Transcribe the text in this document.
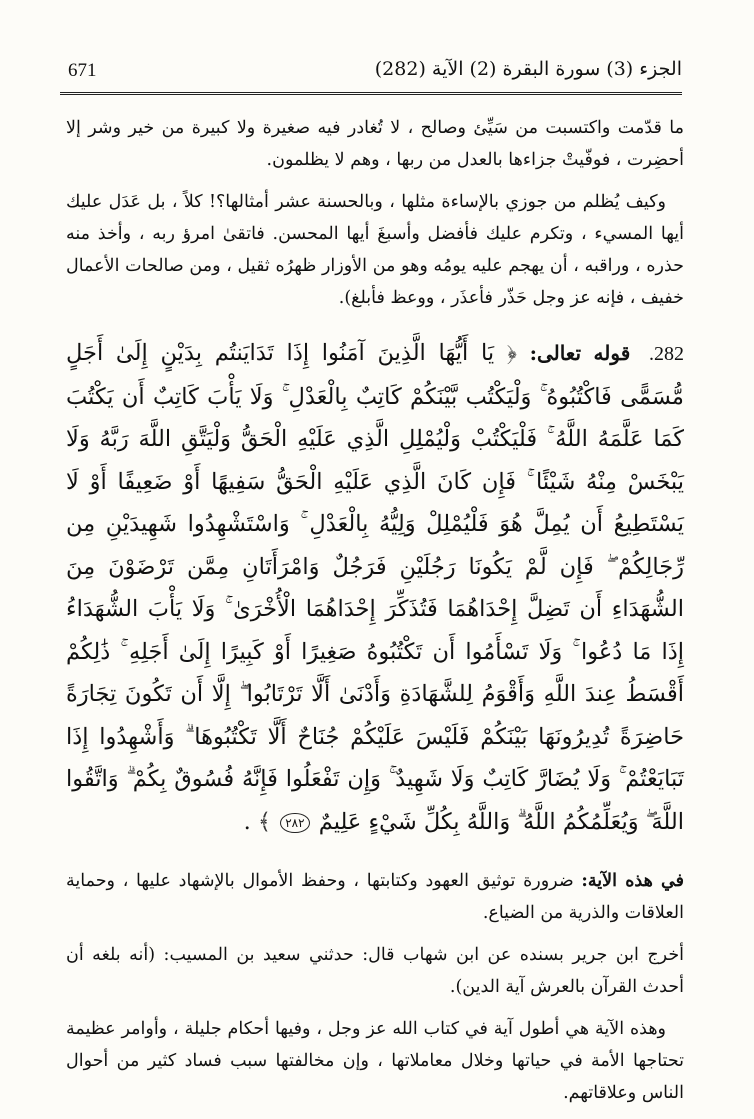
671	الجزء (3) سورة البقرة (2) الآية (282)

ما قدّمت واكتسبت من سَيِّئ وصالح ، لا تُغادر فيه صغيرة ولا كبيرة من خير وشر إلا أحضِرت ، فوفّيتْ جزاءها بالعدل من ربها ، وهم لا يظلمون.

وكيف يُظلم من جوزي بالإساءة مثلها ، وبالحسنة عشر أمثالها؟! كلاً ، بل عَدَل عليك أيها المسيء ، وتكرم عليك فأفضل وأسبغَ أيها المحسن. فاتقىٰ امرؤ ربه ، وأخذ منه حذره ، وراقبه ، أن يهجم عليه يومُه وهو من الأوزار ظهرُه ثقيل ، ومن صالحات الأعمال خفيف ، فإنه عز وجل حَذّر فأعذَر ، ووعظ فأبلغ).

282. قوله تعالى: ﴿ يَا أَيُّهَا الَّذِينَ آمَنُوا إِذَا تَدَايَنتُم بِدَيْنٍ إِلَىٰ أَجَلٍ مُّسَمًّى فَاكْتُبُوهُ ۚ وَلْيَكْتُب بَّيْنَكُمْ كَاتِبٌ بِالْعَدْلِ ۚ وَلَا يَأْبَ كَاتِبٌ أَن يَكْتُبَ كَمَا عَلَّمَهُ اللَّهُ ۚ فَلْيَكْتُبْ وَلْيُمْلِلِ الَّذِي عَلَيْهِ الْحَقُّ وَلْيَتَّقِ اللَّهَ رَبَّهُ وَلَا يَبْخَسْ مِنْهُ شَيْئًا ۚ فَإِن كَانَ الَّذِي عَلَيْهِ الْحَقُّ سَفِيهًا أَوْ ضَعِيفًا أَوْ لَا يَسْتَطِيعُ أَن يُمِلَّ هُوَ فَلْيُمْلِلْ وَلِيُّهُ بِالْعَدْلِ ۚ وَاسْتَشْهِدُوا شَهِيدَيْنِ مِن رِّجَالِكُمْ ۖ فَإِن لَّمْ يَكُونَا رَجُلَيْنِ فَرَجُلٌ وَامْرَأَتَانِ مِمَّن تَرْضَوْنَ مِنَ الشُّهَدَاءِ أَن تَضِلَّ إِحْدَاهُمَا فَتُذَكِّرَ إِحْدَاهُمَا الْأُخْرَىٰ ۚ وَلَا يَأْبَ الشُّهَدَاءُ إِذَا مَا دُعُوا ۚ وَلَا تَسْأَمُوا أَن تَكْتُبُوهُ صَغِيرًا أَوْ كَبِيرًا إِلَىٰ أَجَلِهِ ۚ ذَٰلِكُمْ أَقْسَطُ عِندَ اللَّهِ وَأَقْوَمُ لِلشَّهَادَةِ وَأَدْنَىٰ أَلَّا تَرْتَابُوا ۖ إِلَّا أَن تَكُونَ تِجَارَةً حَاضِرَةً تُدِيرُونَهَا بَيْنَكُمْ فَلَيْسَ عَلَيْكُمْ جُنَاحٌ أَلَّا تَكْتُبُوهَا ۗ وَأَشْهِدُوا إِذَا تَبَايَعْتُمْ ۚ وَلَا يُضَارَّ كَاتِبٌ وَلَا شَهِيدٌ ۚ وَإِن تَفْعَلُوا فَإِنَّهُ فُسُوقٌ بِكُمْ ۗ وَاتَّقُوا اللَّهَ ۖ وَيُعَلِّمُكُمُ اللَّهُ ۗ وَاللَّهُ بِكُلِّ شَيْءٍ عَلِيمٌ ٢٨٢ ﴾ .

في هذه الآية: ضرورة توثيق العهود وكتابتها ، وحفظ الأموال بالإشهاد عليها ، وحماية العلاقات والذرية من الضياع.

أخرج ابن جرير بسنده عن ابن شهاب قال: حدثني سعيد بن المسيب: (أنه بلغه أن أحدث القرآن بالعرش آية الدين).

وهذه الآية هي أطول آية في كتاب الله عز وجل ، وفيها أحكام جليلة ، وأوامر عظيمة تحتاجها الأمة في حياتها وخلال معاملاتها ، وإن مخالفتها سبب فساد كثير من أحوال الناس وعلاقاتهم.
